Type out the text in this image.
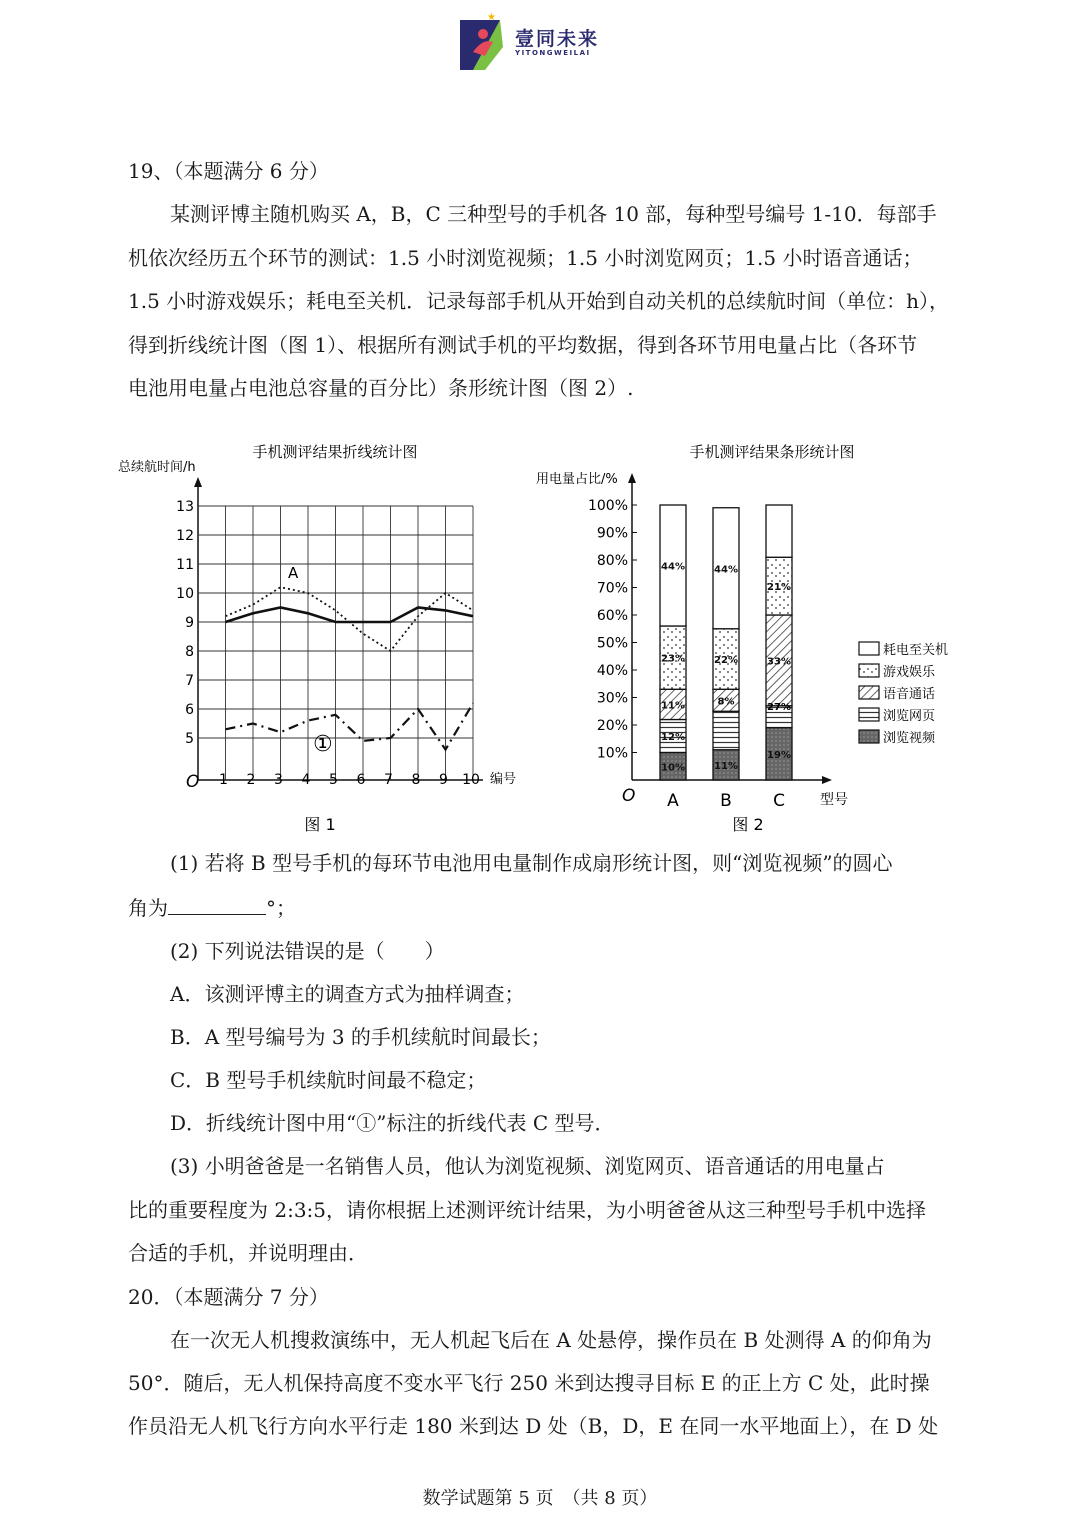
★
壹同未来
YITONGWEILAI
19、（本题满分 6 分）
某测评博主随机购买 A，B，C 三种型号的手机各 10 部，每种型号编号 1-10．每部手
机依次经历五个环节的测试：1.5 小时浏览视频；1.5 小时浏览网页；1.5 小时语音通话；
1.5 小时游戏娱乐；耗电至关机．记录每部手机从开始到自动关机的总续航时间（单位：h），
得到折线统计图（图 1）、根据所有测试手机的平均数据，得到各环节用电量占比（各环节
电池用电量占电池总容量的百分比）条形统计图（图 2）.
手机测评结果折线统计图
总续航时间/h
编号
O
图 1
5
6
7
8
9
10
11
12
13
1 2 3 4 5 6 7 8 9 10
A
①
手机测评结果条形统计图
用电量占比/%
型号
O
图 2
10%
20%
30%
40%
50%
60%
70%
80%
90%
100%
10%
12%
11%
23%
44%
A
11%
8%
22%
44%
B
19%
33%
21%
C
27%
耗电至关机
游戏娱乐
语音通话
浏览网页
浏览视频
(1) 若将 B 型号手机的每环节电池用电量制作成扇形统计图，则“浏览视频”的圆心
角为	°；
(2) 下列说法错误的是（　　）
A．该测评博主的调查方式为抽样调查；
B．A 型号编号为 3 的手机续航时间最长；
C．B 型号手机续航时间最不稳定；
D．折线统计图中用“①”标注的折线代表 C 型号．
(3) 小明爸爸是一名销售人员，他认为浏览视频、浏览网页、语音通话的用电量占
比的重要程度为 2:3:5，请你根据上述测评统计结果，为小明爸爸从这三种型号手机中选择
合适的手机，并说明理由．
20．（本题满分 7 分）
在一次无人机搜救演练中，无人机起飞后在 A 处悬停，操作员在 B 处测得 A 的仰角为
50°．随后，无人机保持高度不变水平飞行 250 米到达搜寻目标 E 的正上方 C 处，此时操
作员沿无人机飞行方向水平行走 180 米到达 D 处（B，D，E 在同一水平地面上），在 D 处
数学试题第 5 页　（共 8 页）
